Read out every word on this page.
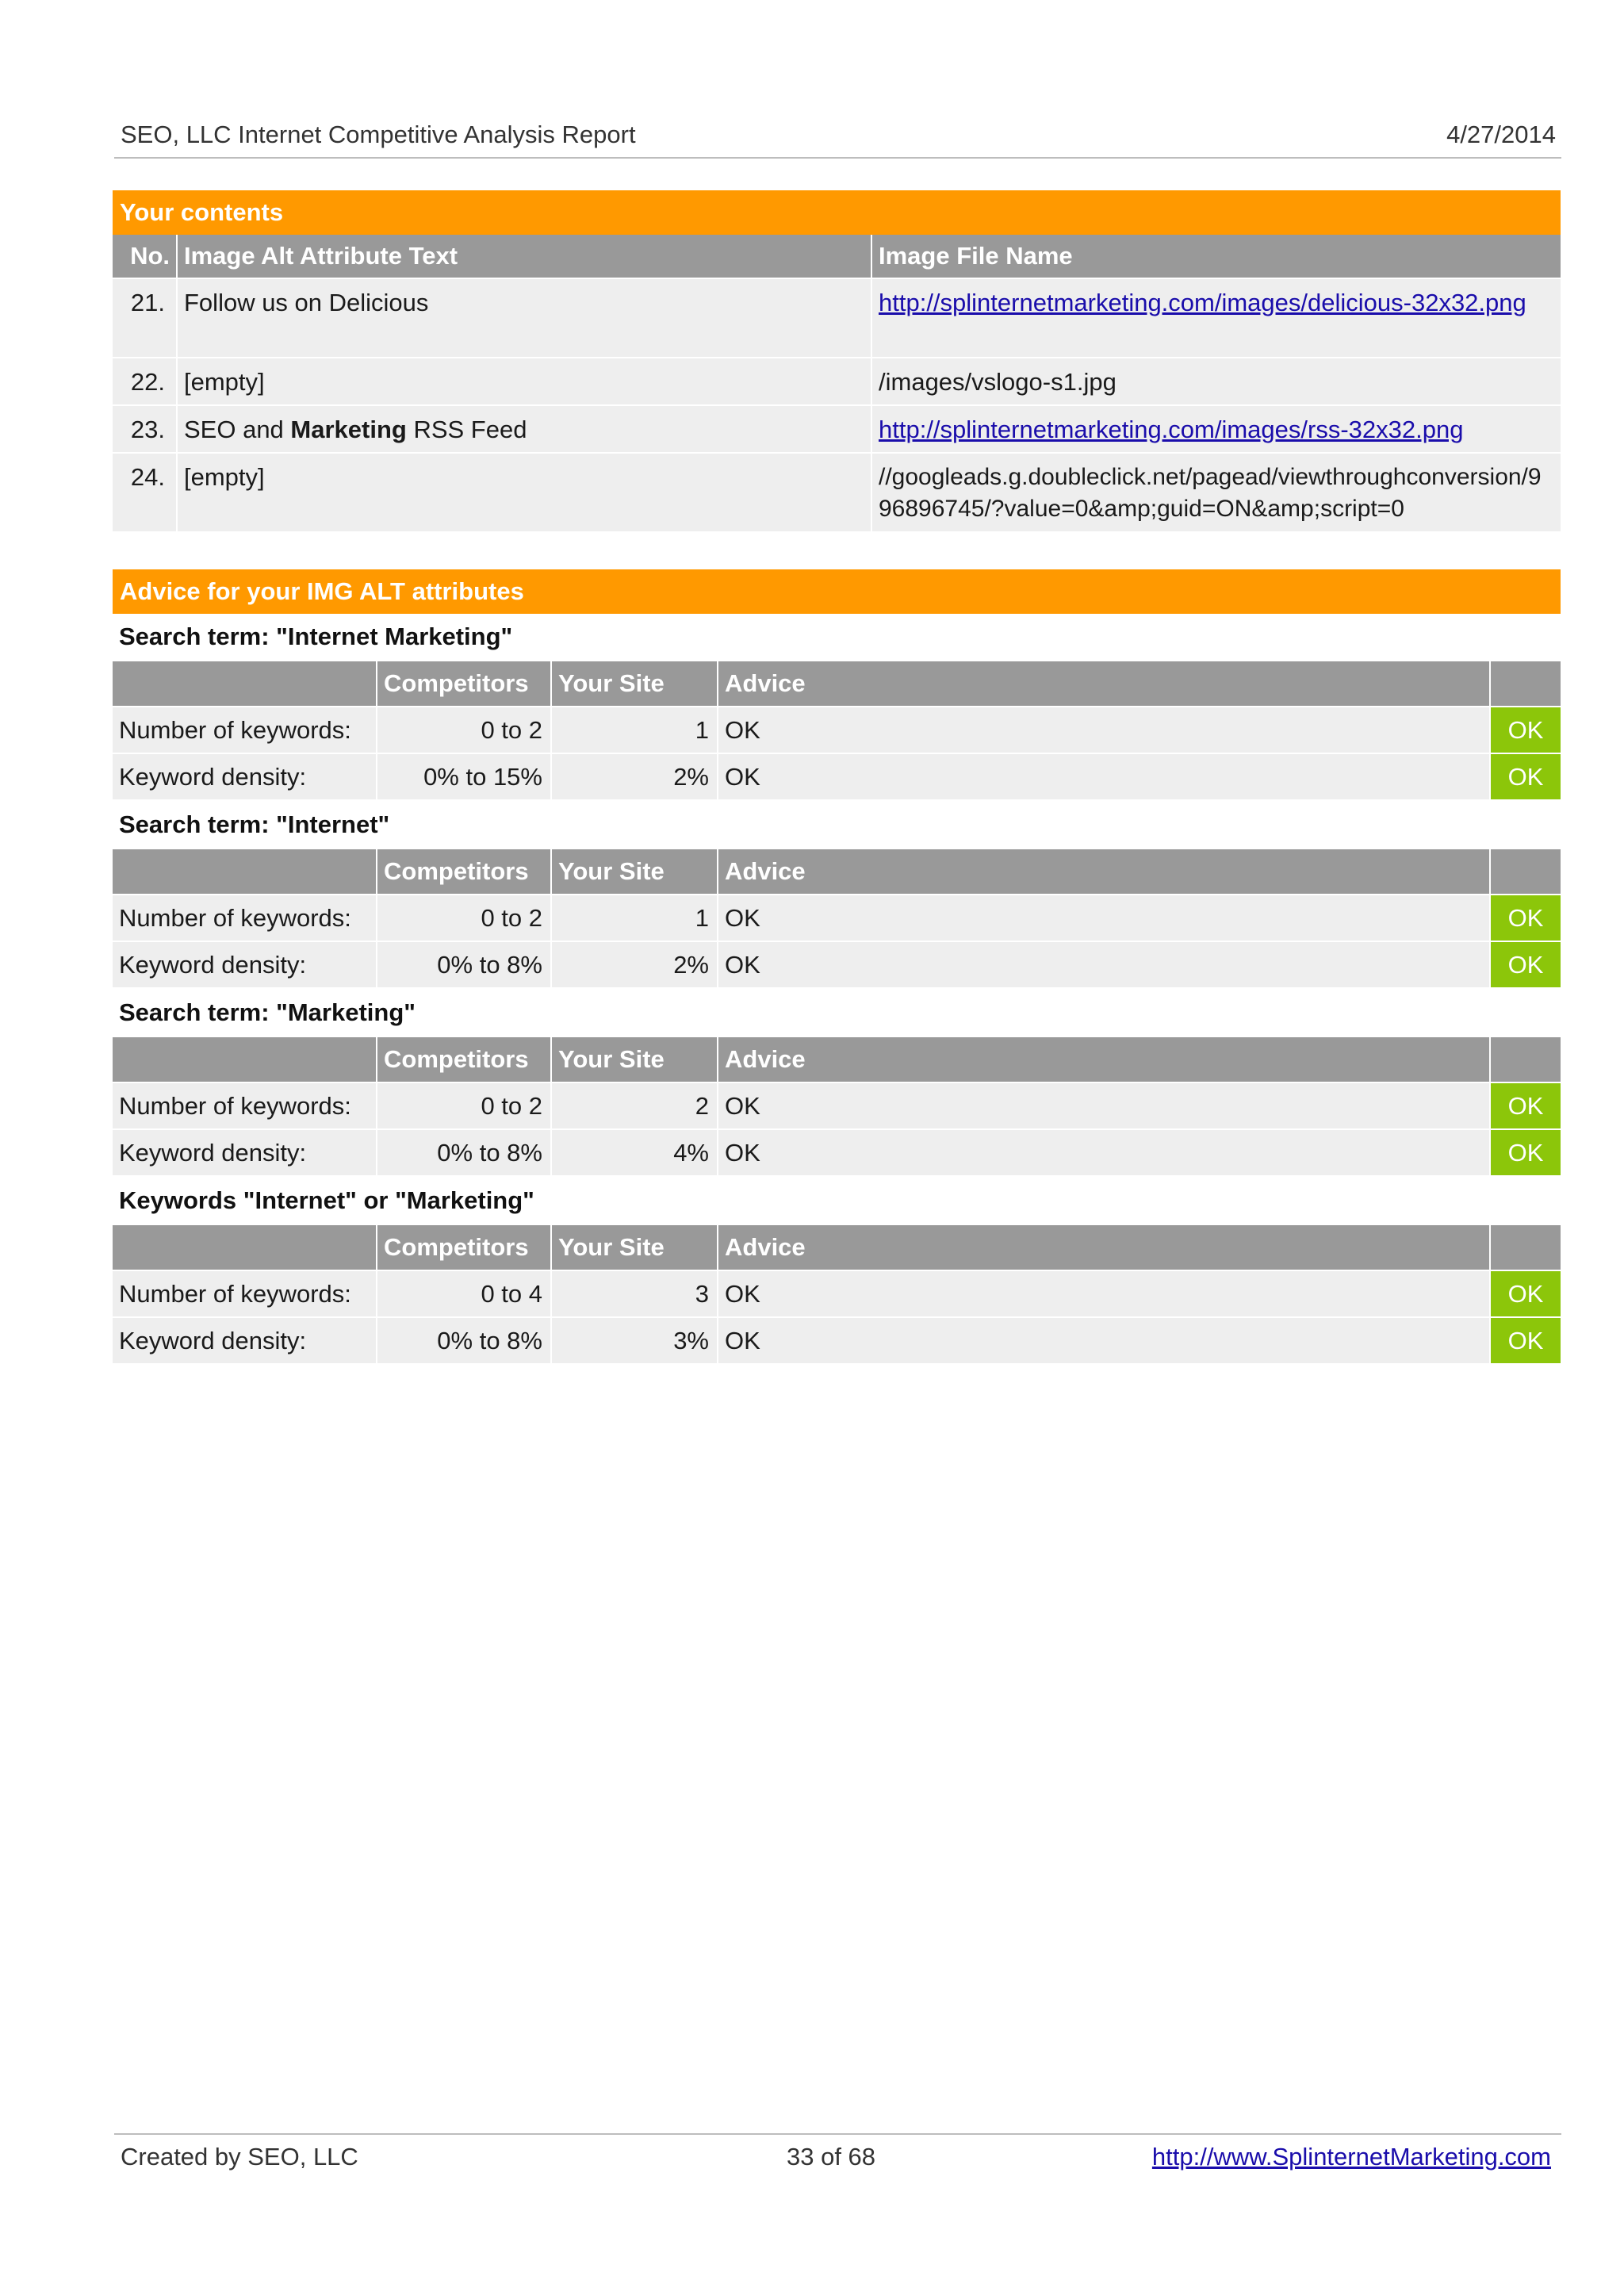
SEO, LLC Internet Competitive Analysis Report	4/27/2014
Your contents
No.	Image Alt Attribute Text	Image File Name
21.	Follow us on Delicious	http://splinternetmarketing.com/images/delicious-32x32.png
22.	[empty]	/images/vslogo-s1.jpg
23.	SEO and Marketing RSS Feed	http://splinternetmarketing.com/images/rss-32x32.png
24.	[empty]	//googleads.g.doubleclick.net/pagead/viewthroughconversion/996896745/?value=0&amp;guid=ON&amp;script=0
Advice for your IMG ALT attributes
Search term: "Internet Marketing"
	Competitors	Your Site	Advice	
Number of keywords:	0 to 2	1	OK	OK
Keyword density:	0% to 15%	2%	OK	OK
Search term: "Internet"
	Competitors	Your Site	Advice	
Number of keywords:	0 to 2	1	OK	OK
Keyword density:	0% to 8%	2%	OK	OK
Search term: "Marketing"
	Competitors	Your Site	Advice	
Number of keywords:	0 to 2	2	OK	OK
Keyword density:	0% to 8%	4%	OK	OK
Keywords "Internet" or "Marketing"
	Competitors	Your Site	Advice	
Number of keywords:	0 to 4	3	OK	OK
Keyword density:	0% to 8%	3%	OK	OK
Created by SEO, LLC	33 of 68	http://www.SplinternetMarketing.com
